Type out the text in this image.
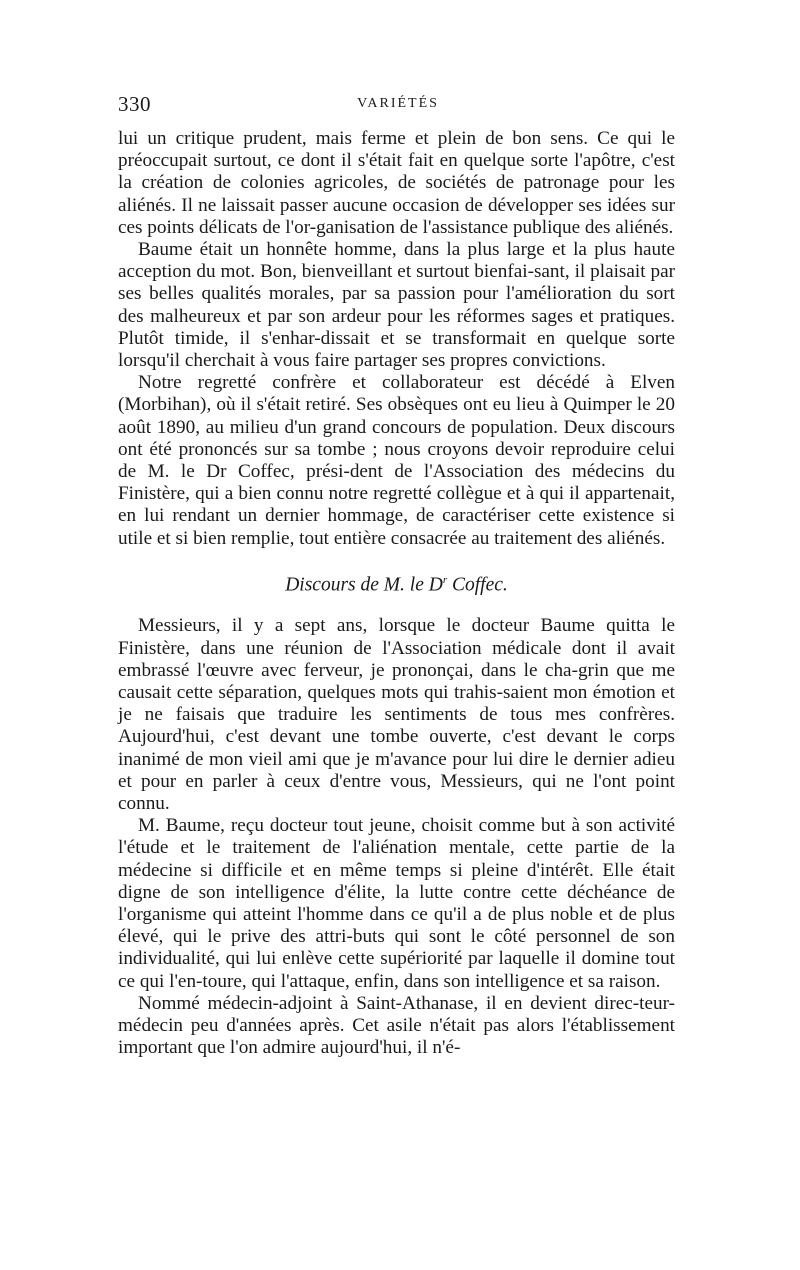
330	VARIÉTÉS

lui un critique prudent, mais ferme et plein de bon sens. Ce qui le préoccupait surtout, ce dont il s'était fait en quelque sorte l'apôtre, c'est la création de colonies agricoles, de sociétés de patronage pour les aliénés. Il ne laissait passer aucune occasion de développer ses idées sur ces points délicats de l'or-ganisation de l'assistance publique des aliénés.

Baume était un honnête homme, dans la plus large et la plus haute acception du mot. Bon, bienveillant et surtout bienfai-sant, il plaisait par ses belles qualités morales, par sa passion pour l'amélioration du sort des malheureux et par son ardeur pour les réformes sages et pratiques. Plutôt timide, il s'enhar-dissait et se transformait en quelque sorte lorsqu'il cherchait à vous faire partager ses propres convictions.

Notre regretté confrère et collaborateur est décédé à Elven (Morbihan), où il s'était retiré. Ses obsèques ont eu lieu à Quimper le 20 août 1890, au milieu d'un grand concours de population. Deux discours ont été prononcés sur sa tombe ; nous croyons devoir reproduire celui de M. le Dr Coffec, prési-dent de l'Association des médecins du Finistère, qui a bien connu notre regretté collègue et à qui il appartenait, en lui rendant un dernier hommage, de caractériser cette existence si utile et si bien remplie, tout entière consacrée au traitement des aliénés.

Discours de M. le $D^r$ Coffec.

Messieurs, il y a sept ans, lorsque le docteur Baume quitta le Finistère, dans une réunion de l'Association médicale dont il avait embrassé l'œuvre avec ferveur, je prononçai, dans le cha-grin que me causait cette séparation, quelques mots qui trahis-saient mon émotion et je ne faisais que traduire les sentiments de tous mes confrères. Aujourd'hui, c'est devant une tombe ouverte, c'est devant le corps inanimé de mon vieil ami que je m'avance pour lui dire le dernier adieu et pour en parler à ceux d'entre vous, Messieurs, qui ne l'ont point connu.

M. Baume, reçu docteur tout jeune, choisit comme but à son activité l'étude et le traitement de l'aliénation mentale, cette partie de la médecine si difficile et en même temps si pleine d'intérêt. Elle était digne de son intelligence d'élite, la lutte contre cette déchéance de l'organisme qui atteint l'homme dans ce qu'il a de plus noble et de plus élevé, qui le prive des attri-buts qui sont le côté personnel de son individualité, qui lui enlève cette supériorité par laquelle il domine tout ce qui l'en-toure, qui l'attaque, enfin, dans son intelligence et sa raison.

Nommé médecin-adjoint à Saint-Athanase, il en devient direc-teur-médecin peu d'années après. Cet asile n'était pas alors l'établissement important que l'on admire aujourd'hui, il n'é-
